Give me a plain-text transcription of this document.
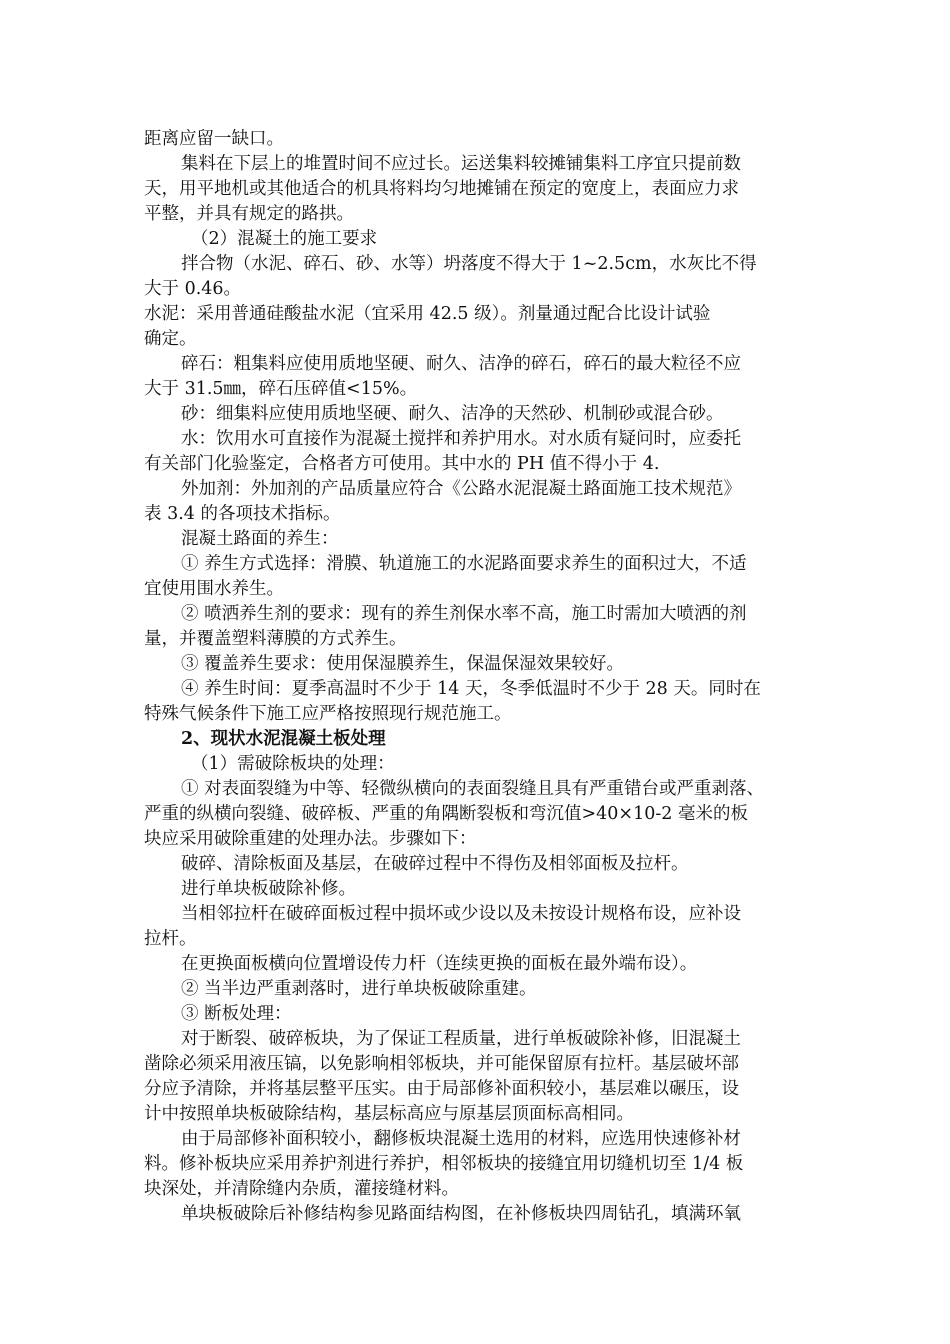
距离应留一缺口。
集料在下层上的堆置时间不应过长。运送集料较摊铺集料工序宜只提前数
天，用平地机或其他适合的机具将料均匀地摊铺在预定的宽度上，表面应力求
平整，并具有规定的路拱。
（2）混凝土的施工要求
拌合物（水泥、碎石、砂、水等）坍落度不得大于 1~2.5cm，水灰比不得
大于 0.46。
水泥：采用普通硅酸盐水泥（宜采用 42.5 级）。剂量通过配合比设计试验
确定。
碎石：粗集料应使用质地坚硬、耐久、洁净的碎石，碎石的最大粒径不应
大于 31.5㎜，碎石压碎值<15%。
砂：细集料应使用质地坚硬、耐久、洁净的天然砂、机制砂或混合砂。
水：饮用水可直接作为混凝土搅拌和养护用水。对水质有疑问时，应委托
有关部门化验鉴定，合格者方可使用。其中水的 PH 值不得小于 4.
外加剂：外加剂的产品质量应符合《公路水泥混凝土路面施工技术规范》
表 3.4 的各项技术指标。
混凝土路面的养生：
① 养生方式选择：滑膜、轨道施工的水泥路面要求养生的面积过大，不适
宜使用围水养生。
② 喷洒养生剂的要求：现有的养生剂保水率不高，施工时需加大喷洒的剂
量，并覆盖塑料薄膜的方式养生。
③ 覆盖养生要求：使用保湿膜养生，保温保湿效果较好。
④ 养生时间：夏季高温时不少于 14 天，冬季低温时不少于 28 天。同时在
特殊气候条件下施工应严格按照现行规范施工。
2、现状水泥混凝土板处理
（1）需破除板块的处理：
① 对表面裂缝为中等、轻微纵横向的表面裂缝且具有严重错台或严重剥落、
严重的纵横向裂缝、破碎板、严重的角隅断裂板和弯沉值>40×10-2 毫米的板
块应采用破除重建的处理办法。步骤如下：
破碎、清除板面及基层，在破碎过程中不得伤及相邻面板及拉杆。
进行单块板破除补修。
当相邻拉杆在破碎面板过程中损坏或少设以及未按设计规格布设，应补设
拉杆。
在更换面板横向位置增设传力杆（连续更换的面板在最外端布设）。
② 当半边严重剥落时，进行单块板破除重建。
③ 断板处理：
对于断裂、破碎板块，为了保证工程质量，进行单板破除补修，旧混凝土
凿除必须采用液压镐，以免影响相邻板块，并可能保留原有拉杆。基层破坏部
分应予清除，并将基层整平压实。由于局部修补面积较小，基层难以碾压，设
计中按照单块板破除结构，基层标高应与原基层顶面标高相同。
由于局部修补面积较小，翻修板块混凝土选用的材料，应选用快速修补材
料。修补板块应采用养护剂进行养护，相邻板块的接缝宜用切缝机切至 1/4 板
块深处，并清除缝内杂质，灌接缝材料。
单块板破除后补修结构参见路面结构图，在补修板块四周钻孔，填满环氧
